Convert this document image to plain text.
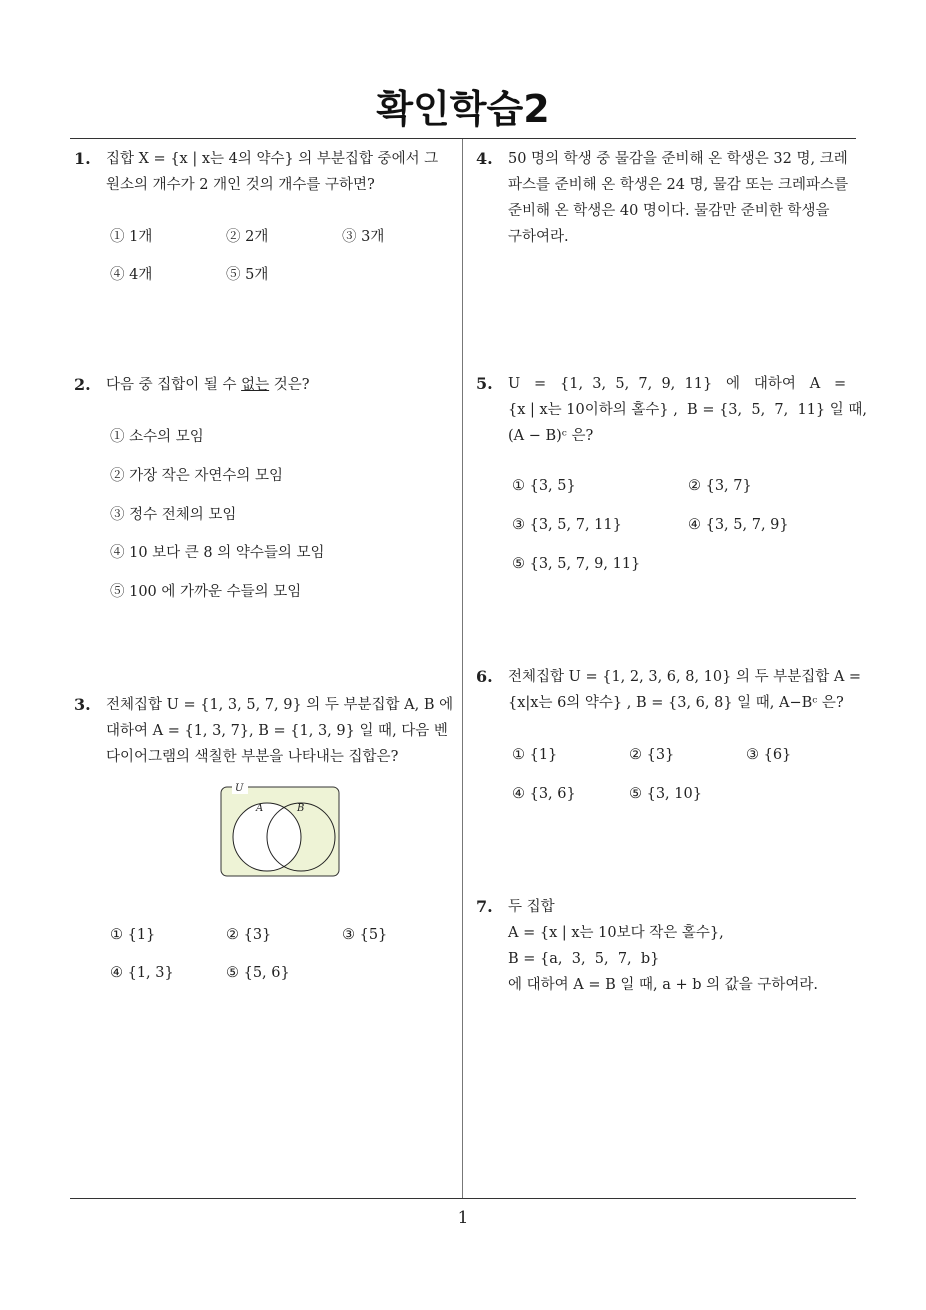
확인학습2
1
1. 집합 X = {x | x는 4의 약수} 의 부분집합 중에서 그
원소의 개수가 2 개인 것의 개수를 구하면?
① 1개	② 2개	③ 3개
④ 4개	⑤ 5개
2. 다음 중 집합이 될 수 없는 것은?
① 소수의 모임
② 가장 작은 자연수의 모임
③ 정수 전체의 모임
④ 10 보다 큰 8 의 약수들의 모임
⑤ 100 에 가까운 수들의 모임
3. 전체집합 U = {1, 3, 5, 7, 9} 의 두 부분집합 A, B 에
대하여 A = {1, 3, 7}, B = {1, 3, 9} 일 때, 다음 벤
다이어그램의 색칠한 부분을 나타내는 집합은?
U
A	B
① {1}	② {3}	③ {5}
④ {1, 3}	⑤ {5, 6}
4. 50 명의 학생 중 물감을 준비해 온 학생은 32 명, 크레
파스를 준비해 온 학생은 24 명, 물감 또는 크레파스를
준비해 온 학생은 40 명이다. 물감만 준비한 학생을
구하여라.
5. U   =   {1,  3,  5,  7,  9,  11}   에   대하여   A   =
{x | x는 10이하의 홀수} ,  B = {3,  5,  7,  11} 일 때,
(A − B)ᶜ 은?
① {3, 5}	② {3, 7}
③ {3, 5, 7, 11}	④ {3, 5, 7, 9}
⑤ {3, 5, 7, 9, 11}
6. 전체집합 U = {1, 2, 3, 6, 8, 10} 의 두 부분집합 A =
{x|x는 6의 약수} , B = {3, 6, 8} 일 때, A−Bᶜ 은?
① {1}	② {3}	③ {6}
④ {3, 6}	⑤ {3, 10}
7. 두 집합
A = {x | x는 10보다 작은 홀수},
B = {a,  3,  5,  7,  b}
에 대하여 A = B 일 때, a + b 의 값을 구하여라.
